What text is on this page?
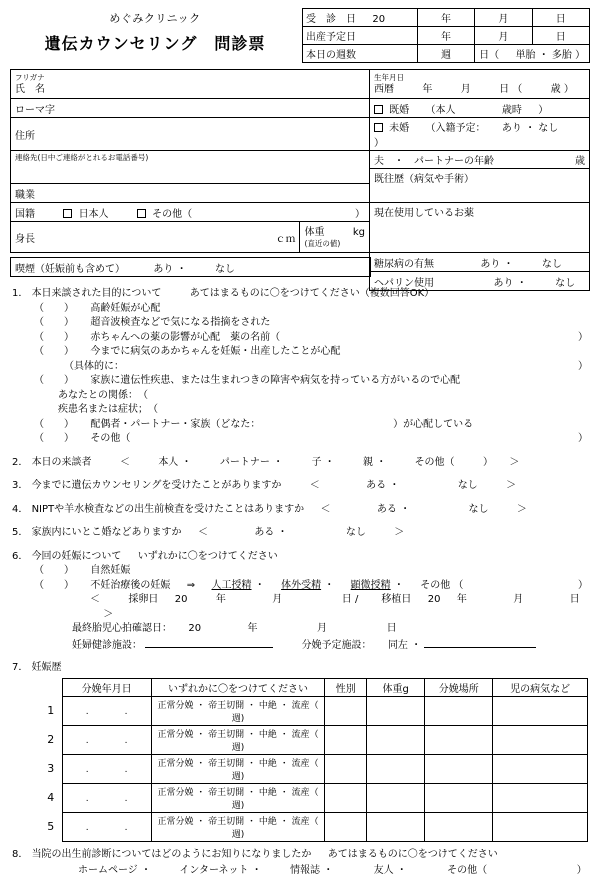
めぐみクリニック
遺伝カウンセリング　問診票
受　診　日 20	年	月	日
出産予定日	年	月	日
本日の週数	週	日（ 単胎 ・ 多胎 ）	
フリガナ
氏　名		生年月日
西暦 年 月 日 （ 歳 ）

ローマ字		既婚 （本人 歳時 ）
住所		未婚 （入籍予定： あり ・ なし  ）
連絡先(日中ご連絡がとれるお電話番号)		夫　・　パートナーの年齢 歳

		既往歴（病気や手術）
職業		
国籍 日本人 その他（ ）		現在使用しているお薬
身長 ｃｍ	体重 kg
(直近の値)	

		糖尿病の有無 あり ・ なし
		ヘパリン使用 あり ・ なし
喫煙（妊娠前も含めて）	あり ・	なし
1． 本日来談された目的について	あてはまるものに〇をつけてください（複数回答OK）
（　　） 高齢妊娠が心配
（　　） 超音波検査などで気になる指摘をされた
（　　） 赤ちゃんへの薬の影響が心配　薬の名前（	）
（　　） 今までに病気のあかちゃんを妊娠・出産したことが心配
（具体的に：	）
（　　） 家族に遺伝性疾患、または生まれつきの障害や病気を持っている方がいるので心配
あなたとの関係：　（
疾患名または症状；　（
（　　） 配偶者・パートナー・家族（どなた：	）が心配している
（　　） その他（	）
2． 本日の来談者	＜	本人 ・	パートナー ・	子 ・	親 ・	その他（	） ＞
3． 今までに遺伝カウンセリングを受けたことがありますか	＜	ある ・	なし	＞
4． NIPTや羊水検査などの出生前検査を受けたことはありますか ＜	ある ・	なし	＞
5． 家族内にいとこ婚などありますか ＜	ある ・	なし	＞
6． 今回の妊娠について いずれかに〇をつけてください
（　　） 自然妊娠
（　　） 不妊治療後の妊娠 ⇒ 人工授精 ・ 体外受精 ・ 顕微授精 ・ その他 （	）
＜	採卵日 20	年	月	日 / 移植日 20 年	月	日  ＞
最終胎児心拍確認日： 20	年	月	日
妊婦健診施設：	分娩予定施設： 同左 ・
7． 妊娠歴
	分娩年月日	いずれかに〇をつけてください	性別	体重g	分娩場所	児の病気など
1	.　　　　.	正常分娩 ・ 帝王切開 ・ 中絶 ・ 流産（　　 週)				
2	.　　　　.	正常分娩 ・ 帝王切開 ・ 中絶 ・ 流産（　　 週)				
3	.　　　　.	正常分娩 ・ 帝王切開 ・ 中絶 ・ 流産（　　 週)				
4	.　　　　.	正常分娩 ・ 帝王切開 ・ 中絶 ・ 流産（　　 週)				
5	.　　　　.	正常分娩 ・ 帝王切開 ・ 中絶 ・ 流産（　　 週)				
8． 当院の出生前診断についてはどのようにお知りになりましたか あてはまるものに〇をつけてください
ホームページ ・	インターネット ・	情報誌 ・	友人 ・	その他（	）
